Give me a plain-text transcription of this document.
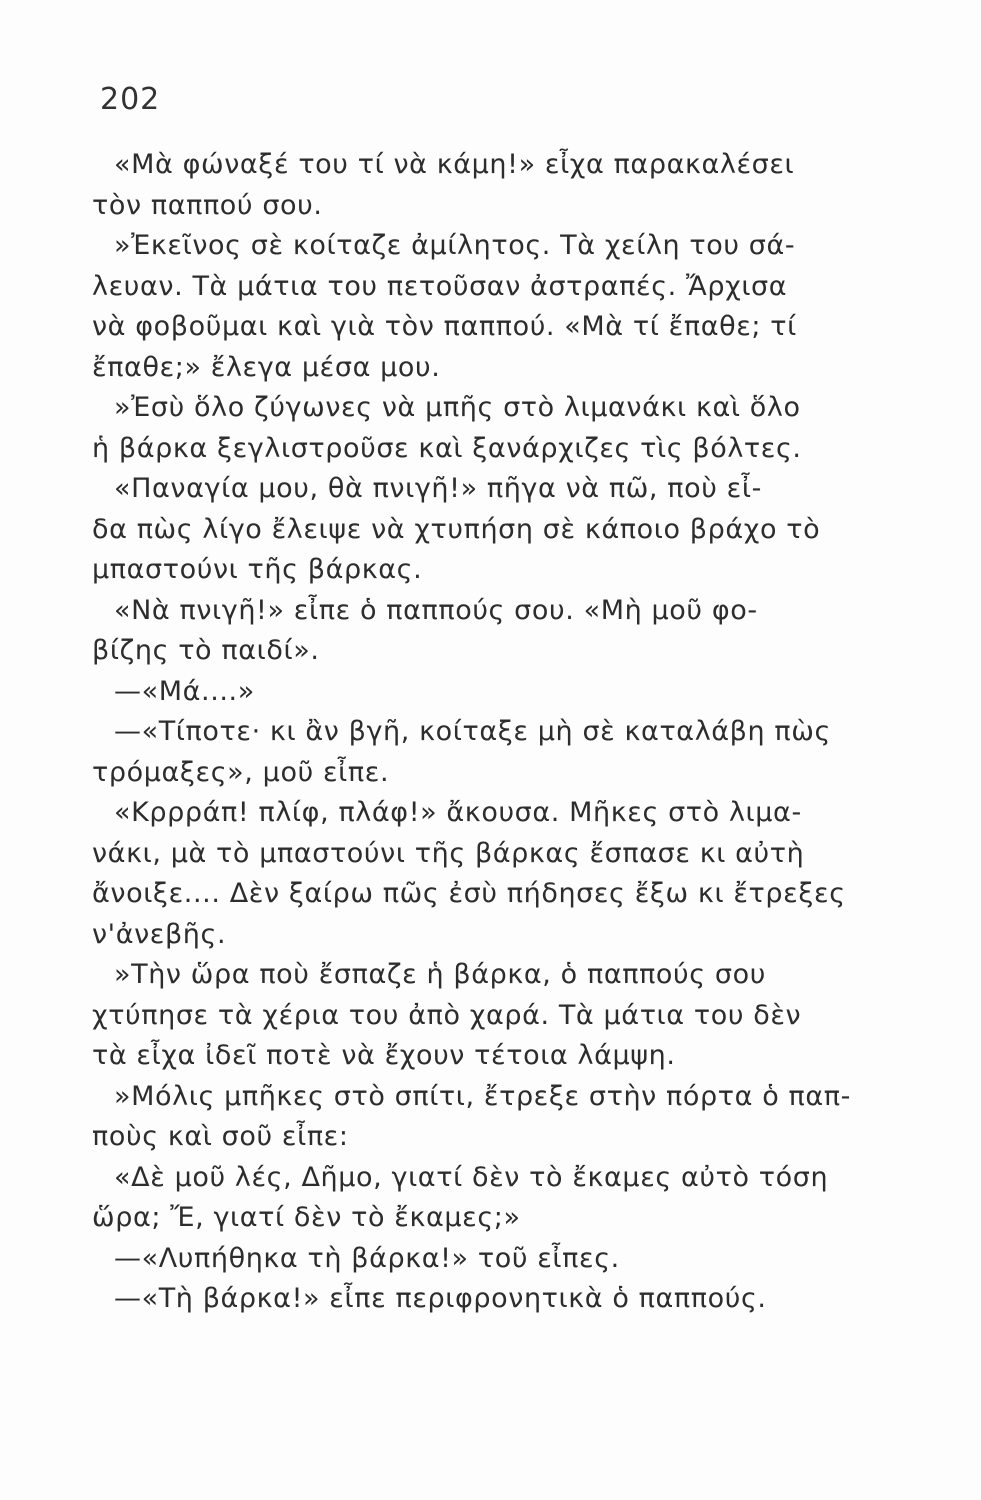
202
«Μὰ φώναξέ του τί νὰ κάμη!» εἶχα παρακαλέσει
τὸν παππού σου.
»Ἐκεῖνος σὲ κοίταζε ἀμίλητος. Τὰ χείλη του σά-
λευαν. Τὰ μάτια του πετοῦσαν ἀστραπές. Ἄρχισα
νὰ φοβοῦμαι καὶ γιὰ τὸν παππού. «Μὰ τί ἔπαθε; τί
ἔπαθε;» ἔλεγα μέσα μου.
»Ἐσὺ ὅλο ζύγωνες νὰ μπῆς στὸ λιμανάκι καὶ ὅλο
ἡ βάρκα ξεγλιστροῦσε καὶ ξανάρχιζες τὶς βόλτες.
«Παναγία μου, θὰ πνιγῆ!» πῆγα νὰ πῶ, ποὺ εἶ-
δα πὼς λίγο ἔλειψε νὰ χτυπήση σὲ κάποιο βράχο τὸ
μπαστούνι τῆς βάρκας.
«Νὰ πνιγῆ!» εἶπε ὁ παππούς σου. «Μὴ μοῦ φο-
βίζης τὸ παιδί».
—«Μά....»
—«Τίποτε· κι ἂν βγῆ, κοίταξε μὴ σὲ καταλάβη πὼς
τρόμαξες», μοῦ εἶπε.
«Κρρράπ! πλίφ, πλάφ!» ἄκουσα. Μῆκες στὸ λιμα-
νάκι, μὰ τὸ μπαστούνι τῆς βάρκας ἔσπασε κι αὐτὴ
ἄνοιξε.... Δὲν ξαίρω πῶς ἐσὺ πήδησες ἔξω κι ἔτρεξες
ν'ἀνεβῆς.
»Τὴν ὥρα ποὺ ἔσπαζε ἡ βάρκα, ὁ παππούς σου
χτύπησε τὰ χέρια του ἀπὸ χαρά. Τὰ μάτια του δὲν
τὰ εἶχα ἰδεῖ ποτὲ νὰ ἔχουν τέτοια λάμψη.
»Μόλις μπῆκες στὸ σπίτι, ἔτρεξε στὴν πόρτα ὁ παπ-
ποὺς καὶ σοῦ εἶπε:
«Δὲ μοῦ λές, Δῆμο, γιατί δὲν τὸ ἔκαμες αὐτὸ τόση
ὥρα; Ἔ, γιατί δὲν τὸ ἔκαμες;»
—«Λυπήθηκα τὴ βάρκα!» τοῦ εἶπες.
—«Τὴ βάρκα!» εἶπε περιφρονητικὰ ὁ παππούς.
